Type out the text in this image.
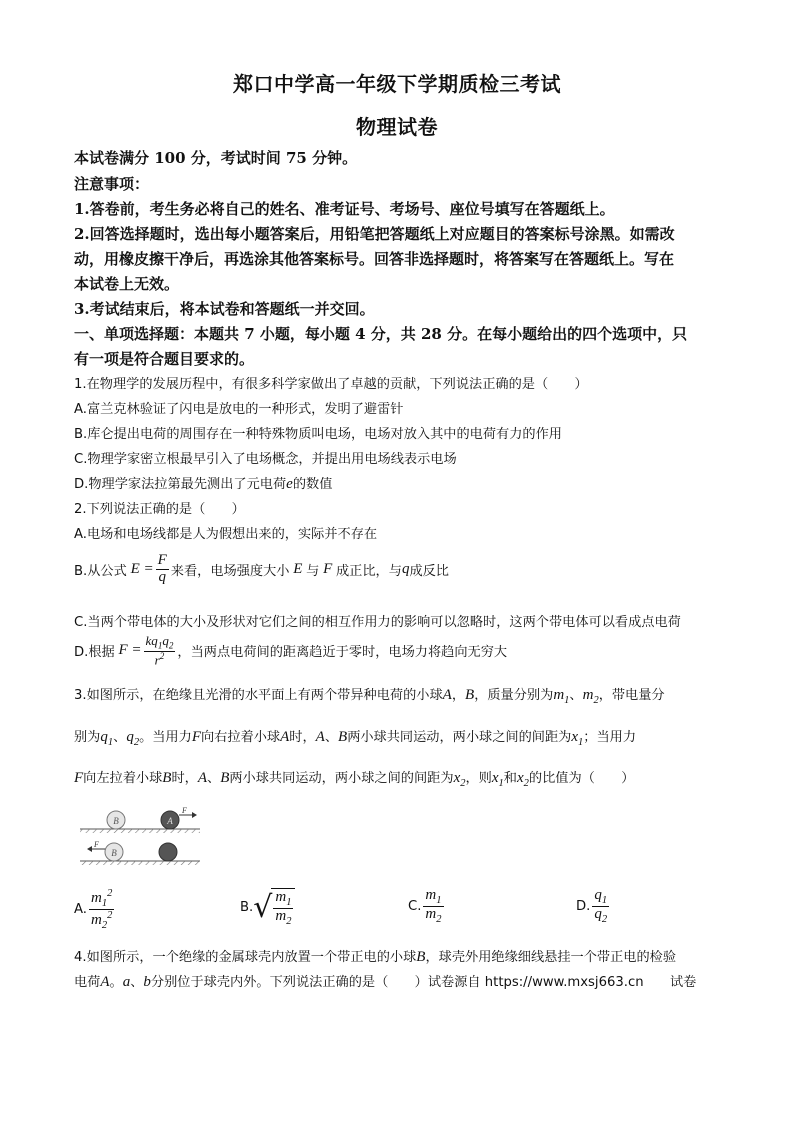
郑口中学高一年级下学期质检三考试
物理试卷
本试卷满分 100 分，考试时间 75 分钟。
注意事项：
1.答卷前，考生务必将自己的姓名、准考证号、考场号、座位号填写在答题纸上。
2.回答选择题时，选出每小题答案后，用铅笔把答题纸上对应题目的答案标号涂黑。如需改
动，用橡皮擦干净后，再选涂其他答案标号。回答非选择题时，将答案写在答题纸上。写在
本试卷上无效。
3.考试结束后，将本试卷和答题纸一并交回。
一、单项选择题：本题共 7 小题，每小题 4 分，共 28 分。在每小题给出的四个选项中，只
有一项是符合题目要求的。
1.在物理学的发展历程中，有很多科学家做出了卓越的贡献，下列说法正确的是（　　）
A.富兰克林验证了闪电是放电的一种形式，发明了避雷针
B.库仑提出电荷的周围存在一种特殊物质叫电场，电场对放入其中的电荷有力的作用
C.物理学家密立根最早引入了电场概念，并提出用电场线表示电场
D.物理学家法拉第最先测出了元电荷e的数值
2.下列说法正确的是（　　）
A.电场和电场线都是人为假想出来的，实际并不存在
B.从公式 $E = \frac{F}{q}$ 来看，电场强度大小 E 与 F 成正比，与 q 成反比
C.当两个带电体的大小及形状对它们之间的相互作用力的影响可以忽略时，这两个带电体可以看成点电荷
D.根据 $F = \frac{kq_1q_2}{r^2}$ ，当两点电荷间的距离趋近于零时，电场力将趋向无穷大
3.如图所示，在绝缘且光滑的水平面上有两个带异种电荷的小球A，B，质量分别为$m_1$、$m_2$，带电量分
别为$q_1$、$q_2$。当用力F向右拉着小球A时，A、B两小球共同运动，两小球之间的间距为$x_1$；当用力
F向左拉着小球B时，A、B两小球共同运动，两小球之间的间距为$x_2$，则$x_1$和$x_2$的比值为（　　）
B	A
F
B
F
A. $\frac{m_1^2}{m_2^2}$	B. √ $\frac{m_1}{m_2}$	C. $\frac{m_1}{m_2}$	D. $\frac{q_1}{q_2}$
4.如图所示，一个绝缘的金属球壳内放置一个带正电的小球B，球壳外用绝缘细线悬挂一个带正电的检验
电荷A。a、b分别位于球壳内外。下列说法正确的是（　　）试卷源自 https://www.mxsj663.cn　　试卷
